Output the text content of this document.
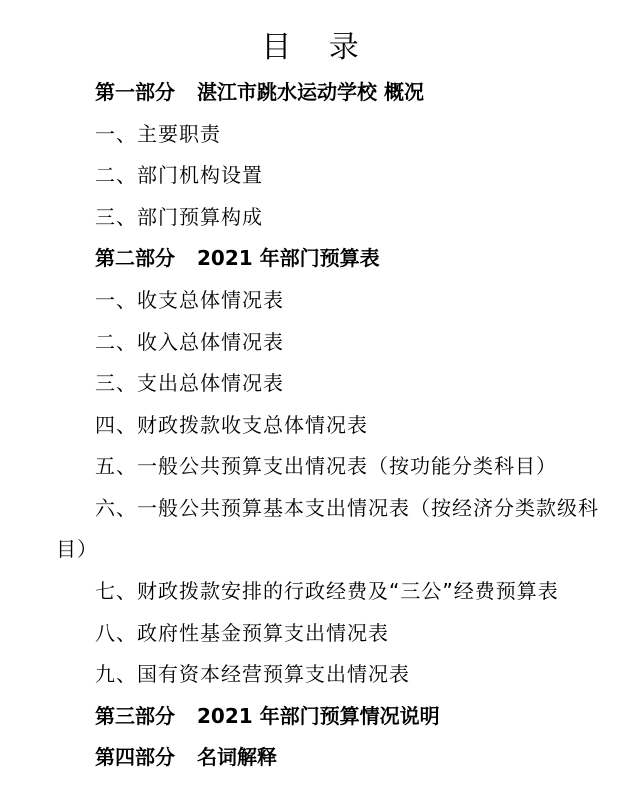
目 录
第一部分 湛江市跳水运动学校 概况
一、主要职责
二、部门机构设置
三、部门预算构成
第二部分 2021 年部门预算表
一、收支总体情况表
二、收入总体情况表
三、支出总体情况表
四、财政拨款收支总体情况表
五、一般公共预算支出情况表（按功能分类科目）
六、一般公共预算基本支出情况表（按经济分类款级科
目）
七、财政拨款安排的行政经费及“三公”经费预算表
八、政府性基金预算支出情况表
九、国有资本经营预算支出情况表
第三部分 2021 年部门预算情况说明
第四部分 名词解释
